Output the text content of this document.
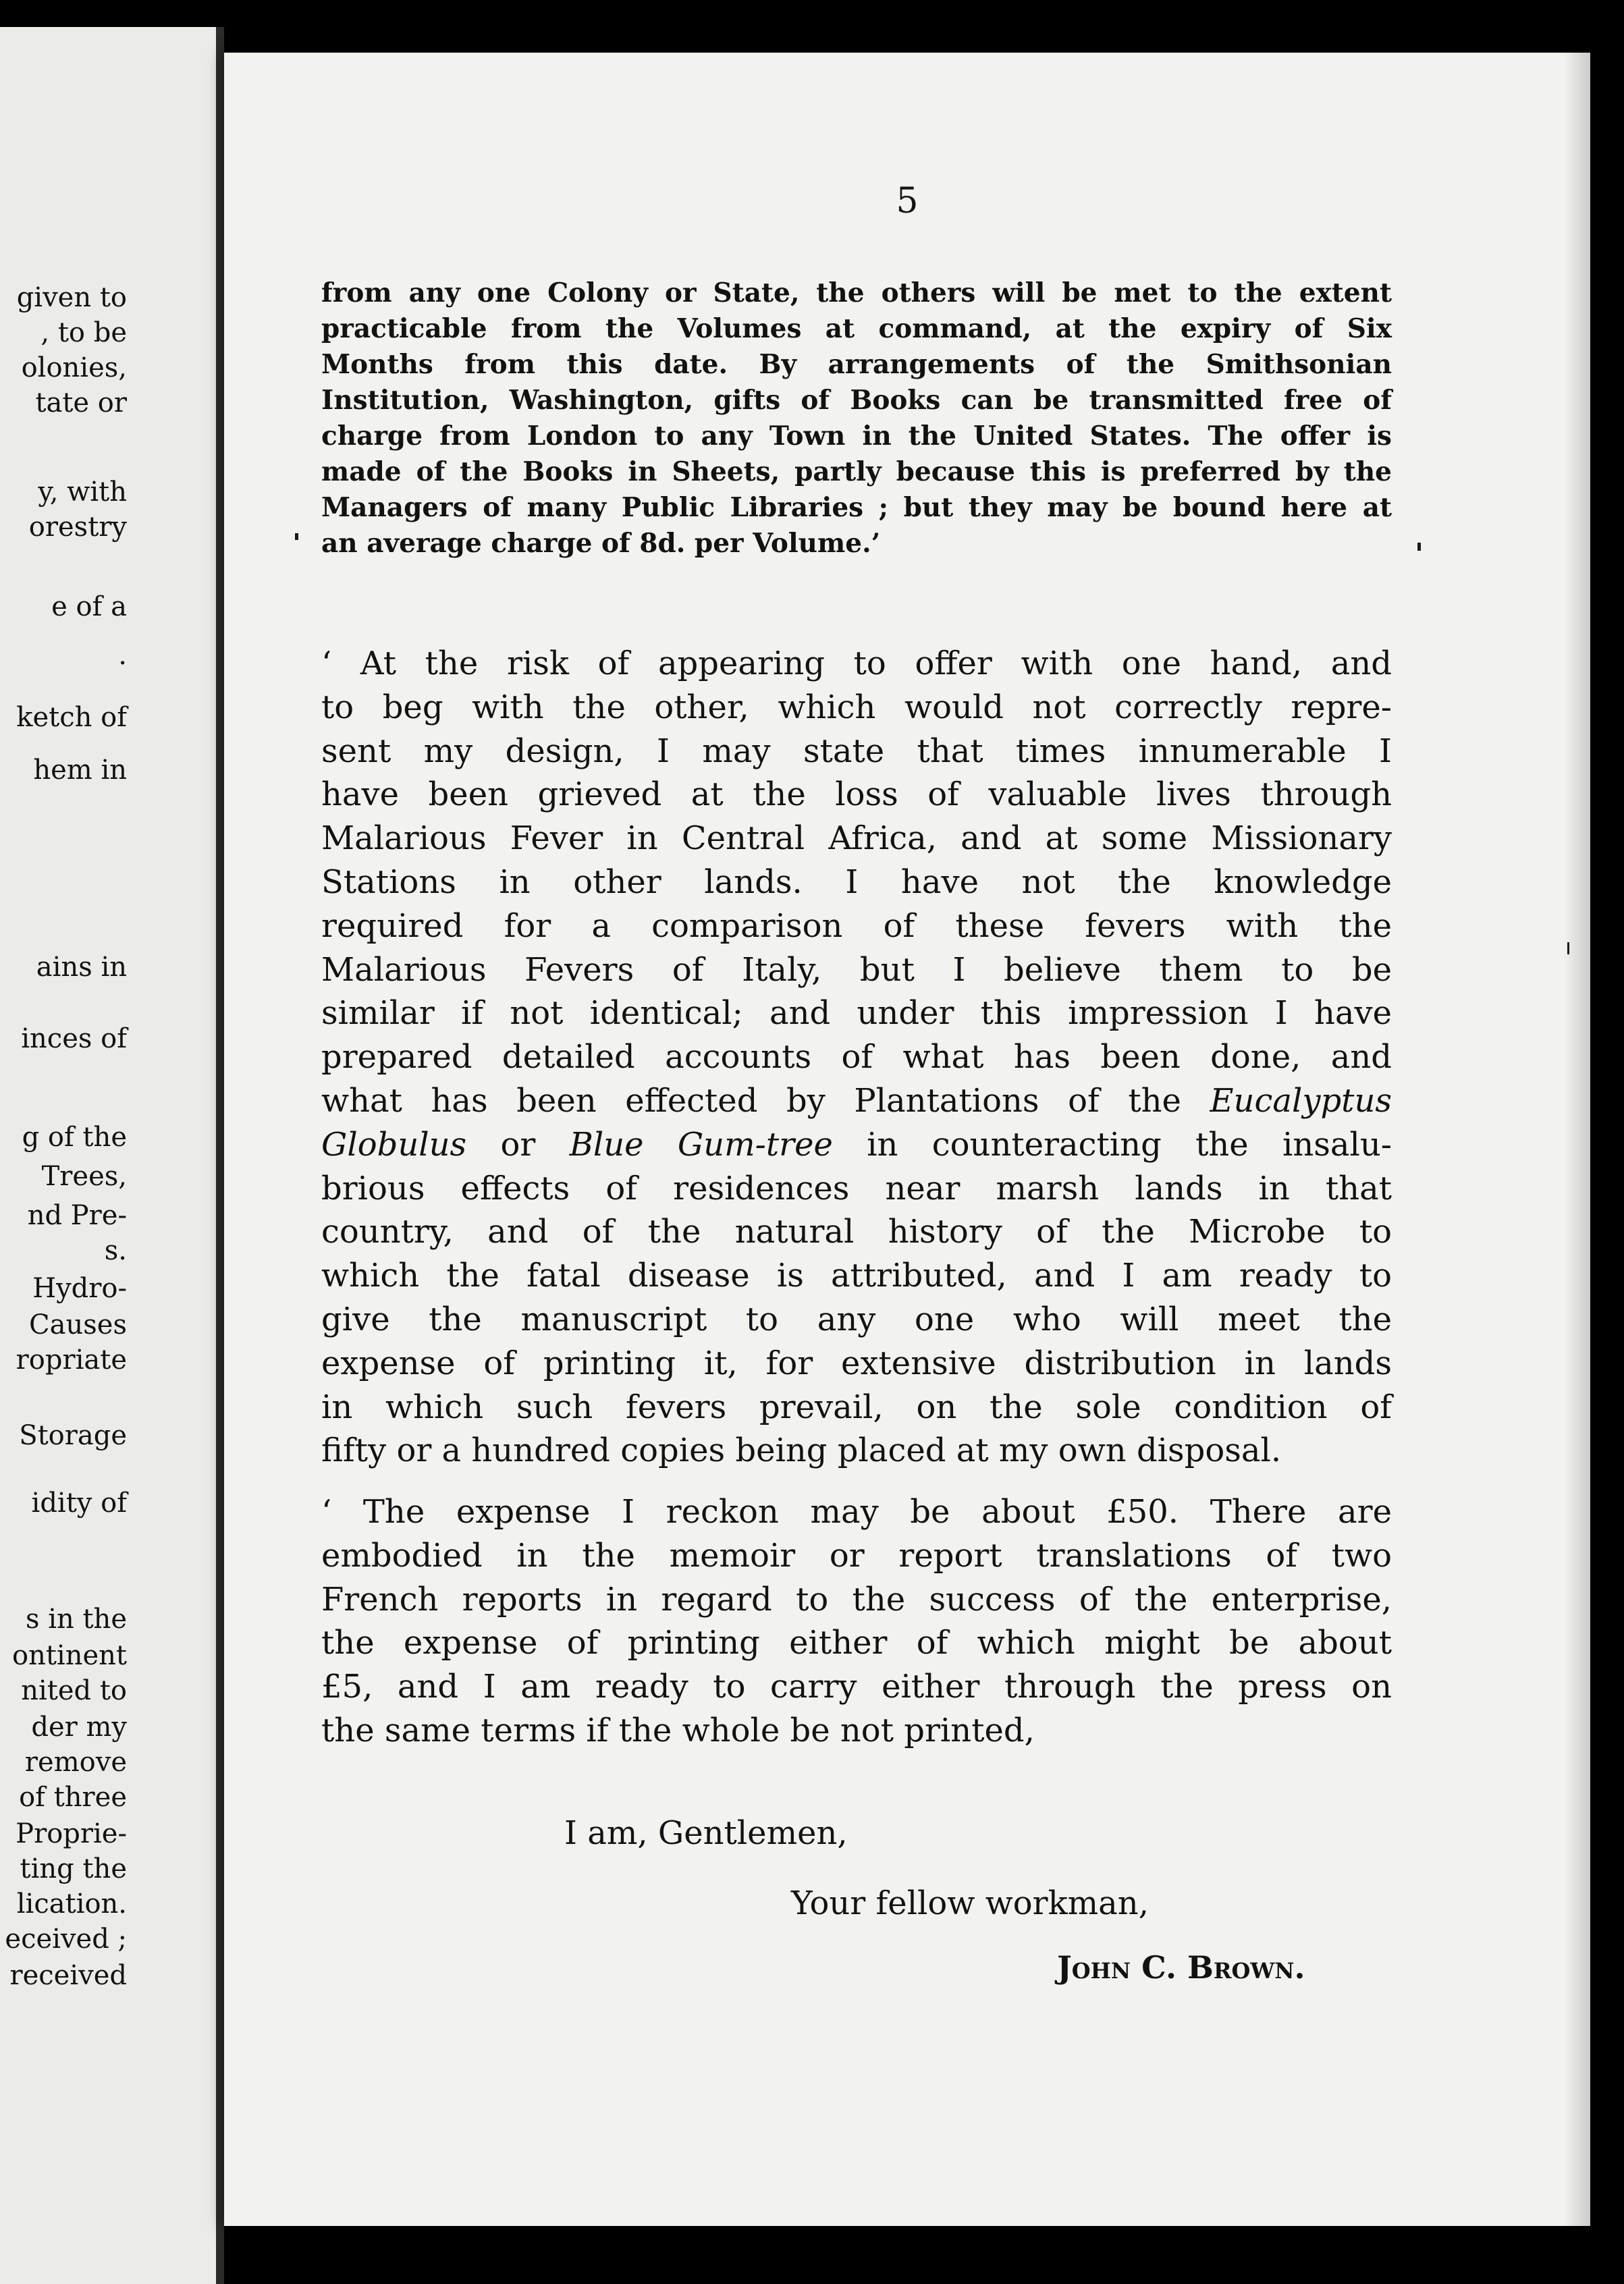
given to
, to be
olonies,
tate or
y, with
orestry
e of a
.
ketch of
hem in
ains in
inces of
g of the
Trees,
nd Pre-
s.
Hydro-
Causes
ropriate
Storage
idity of
s in the
ontinent
nited to
der my
remove
of three
Proprie-
ting the
lication.
eceived ;
received
5
from any one Colony or State, the others will be met to the extent
practicable from the Volumes at command, at the expiry of Six
Months from this date. By arrangements of the Smithsonian
Institution, Washington, gifts of Books can be transmitted free of
charge from London to any Town in the United States. The offer is
made of the Books in Sheets, partly because this is preferred by the
Managers of many Public Libraries ; but they may be bound here at
an average charge of 8d. per Volume.’
‘ At the risk of appearing to offer with one hand, and
to beg with the other, which would not correctly repre-
sent my design, I may state that times innumerable I
have been grieved at the loss of valuable lives through
Malarious Fever in Central Africa, and at some Missionary
Stations in other lands. I have not the knowledge
required for a comparison of these fevers with the
Malarious Fevers of Italy, but I believe them to be
similar if not identical; and under this impression I have
prepared detailed accounts of what has been done, and
what has been effected by Plantations of the Eucalyptus
Globulus or Blue Gum-tree in counteracting the insalu-
brious effects of residences near marsh lands in that
country, and of the natural history of the Microbe to
which the fatal disease is attributed, and I am ready to
give the manuscript to any one who will meet the
expense of printing it, for extensive distribution in lands
in which such fevers prevail, on the sole condition of
fifty or a hundred copies being placed at my own disposal.
‘ The expense I reckon may be about £50. There are
embodied in the memoir or report translations of two
French reports in regard to the success of the enterprise,
the expense of printing either of which might be about
£5, and I am ready to carry either through the press on
the same terms if the whole be not printed,
I am, Gentlemen,
Your fellow workman,
John C. Brown.
